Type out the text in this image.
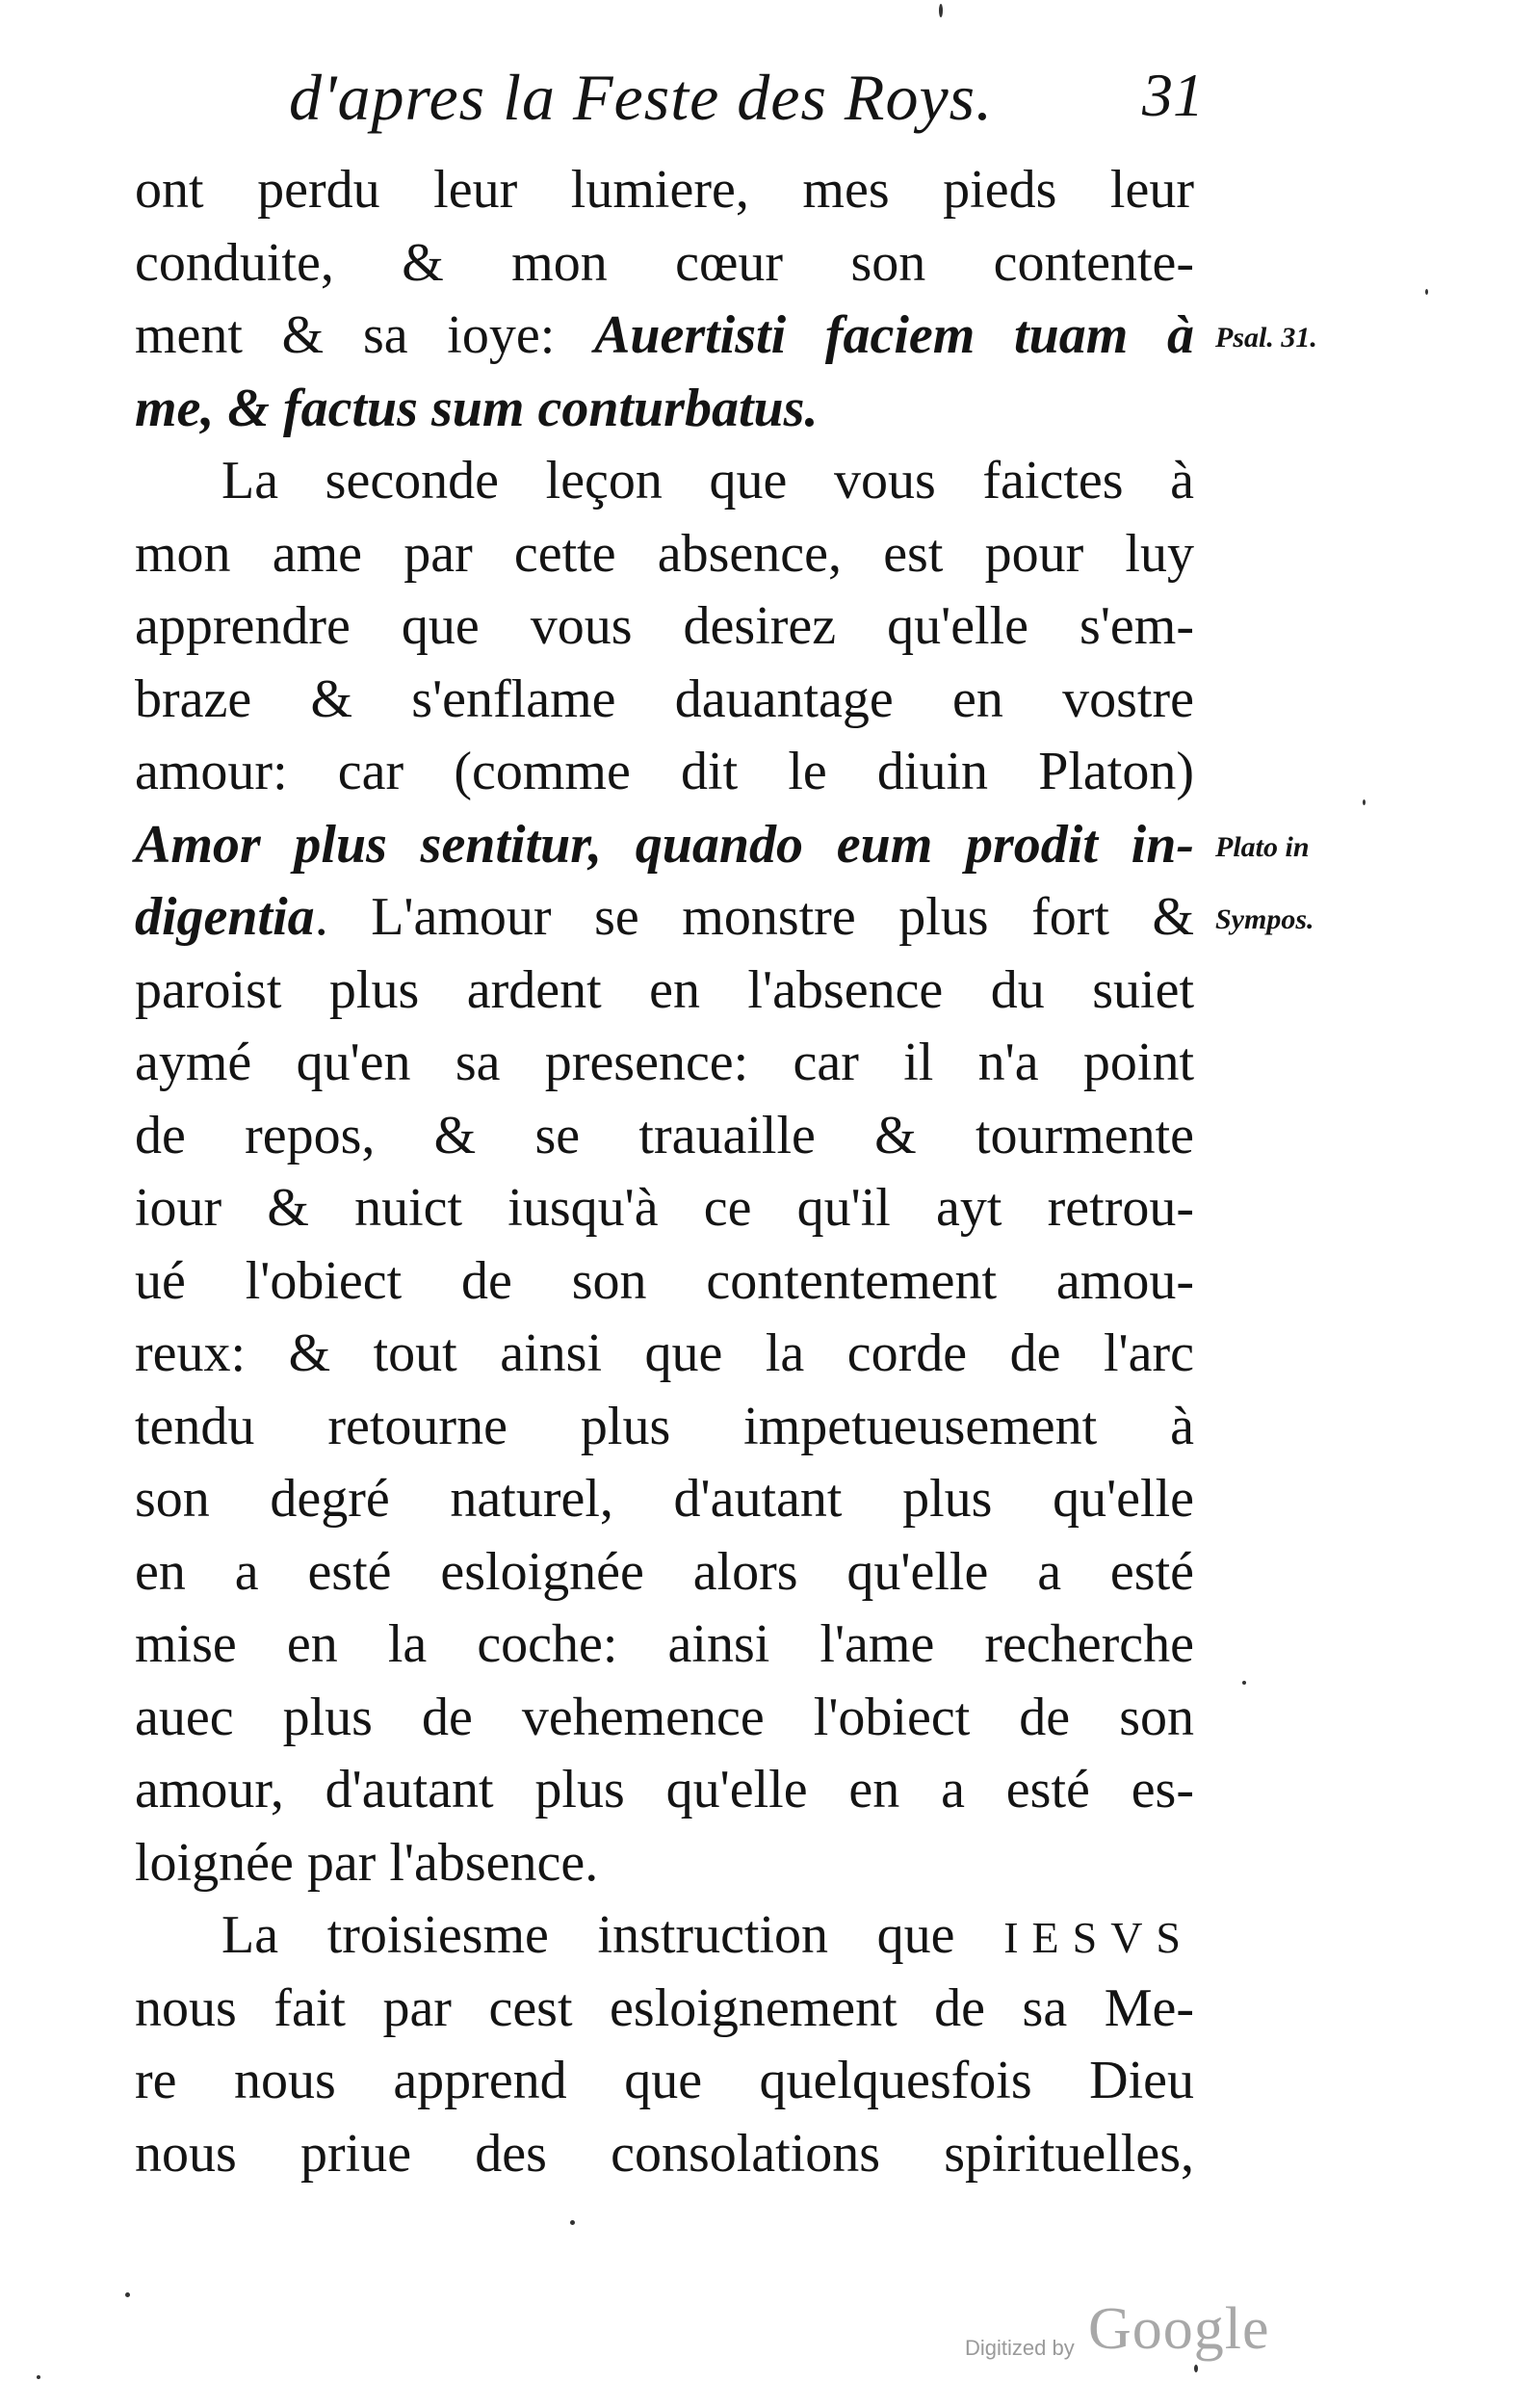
d'apres la Feste des Roys. 31
ont perdu leur lumiere, mes pieds leur
conduite, & mon cœur son contente-
ment & sa ioye: Auertisti faciem tuam à
me, & factus sum conturbatus.
La seconde leçon que vous faictes à
mon ame par cette absence, est pour luy
apprendre que vous desirez qu'elle s'em-
braze & s'enflame dauantage en vostre
amour: car (comme dit le diuin Platon)
Amor plus sentitur, quando eum prodit in-
digentia. L'amour se monstre plus fort &
paroist plus ardent en l'absence du suiet
aymé qu'en sa presence: car il n'a point
de repos, & se trauaille & tourmente
iour & nuict iusqu'à ce qu'il ayt retrou-
ué l'obiect de son contentement amou-
reux: & tout ainsi que la corde de l'arc
tendu retourne plus impetueusement à
son degré naturel, d'autant plus qu'elle
en a esté esloignée alors qu'elle a esté
mise en la coche: ainsi l'ame recherche
auec plus de vehemence l'obiect de son
amour, d'autant plus qu'elle en a esté es-
loignée par l'absence.
La troisiesme instruction que IESVS
nous fait par cest esloignement de sa Me-
re nous apprend que quelquesfois Dieu
nous priue des consolations spirituelles,
Psal. 31.
Plato in
Sympos.
Digitized by Google
